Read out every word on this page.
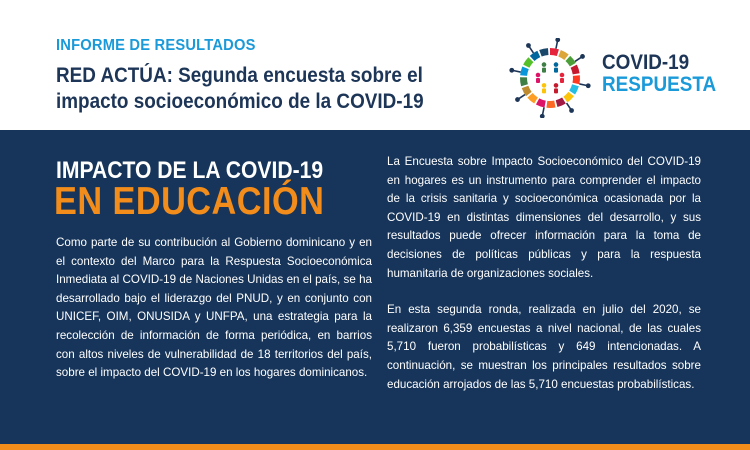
INFORME DE RESULTADOS
RED ACTÚA: Segunda encuesta sobre el
impacto socioeconómico de la COVID-19
COVID-19
RESPUESTA
IMPACTO DE LA COVID-19
EN EDUCACIÓN

Como parte de su contribución al Gobierno dominicano y en el contexto del Marco para la Respuesta Socioeconómica Inmediata al COVID-19 de Naciones Unidas en el país, se ha desarrollado bajo el liderazgo del PNUD, y en conjunto con UNICEF, OIM, ONUSIDA y UNFPA, una estrategia para la recolección de información de forma periódica, en barrios con altos niveles de vulnerabilidad de 18 territorios del país, sobre el impacto del COVID-19 en los hogares dominicanos.

La Encuesta sobre Impacto Socioeconómico del COVID-19 en hogares es un instrumento para comprender el impacto de la crisis sanitaria y socioeconómica ocasionada por la COVID-19 en distintas dimensiones del desarrollo, y sus resultados puede ofrecer información para la toma de decisiones de políticas públicas y para la respuesta humanitaria de organizaciones sociales.

En esta segunda ronda, realizada en julio del 2020, se realizaron 6,359 encuestas a nivel nacional, de las cuales 5,710 fueron probabilísticas y 649 intencionadas. A continuación, se muestran los principales resultados sobre educación arrojados de las 5,710 encuestas probabilísticas.
